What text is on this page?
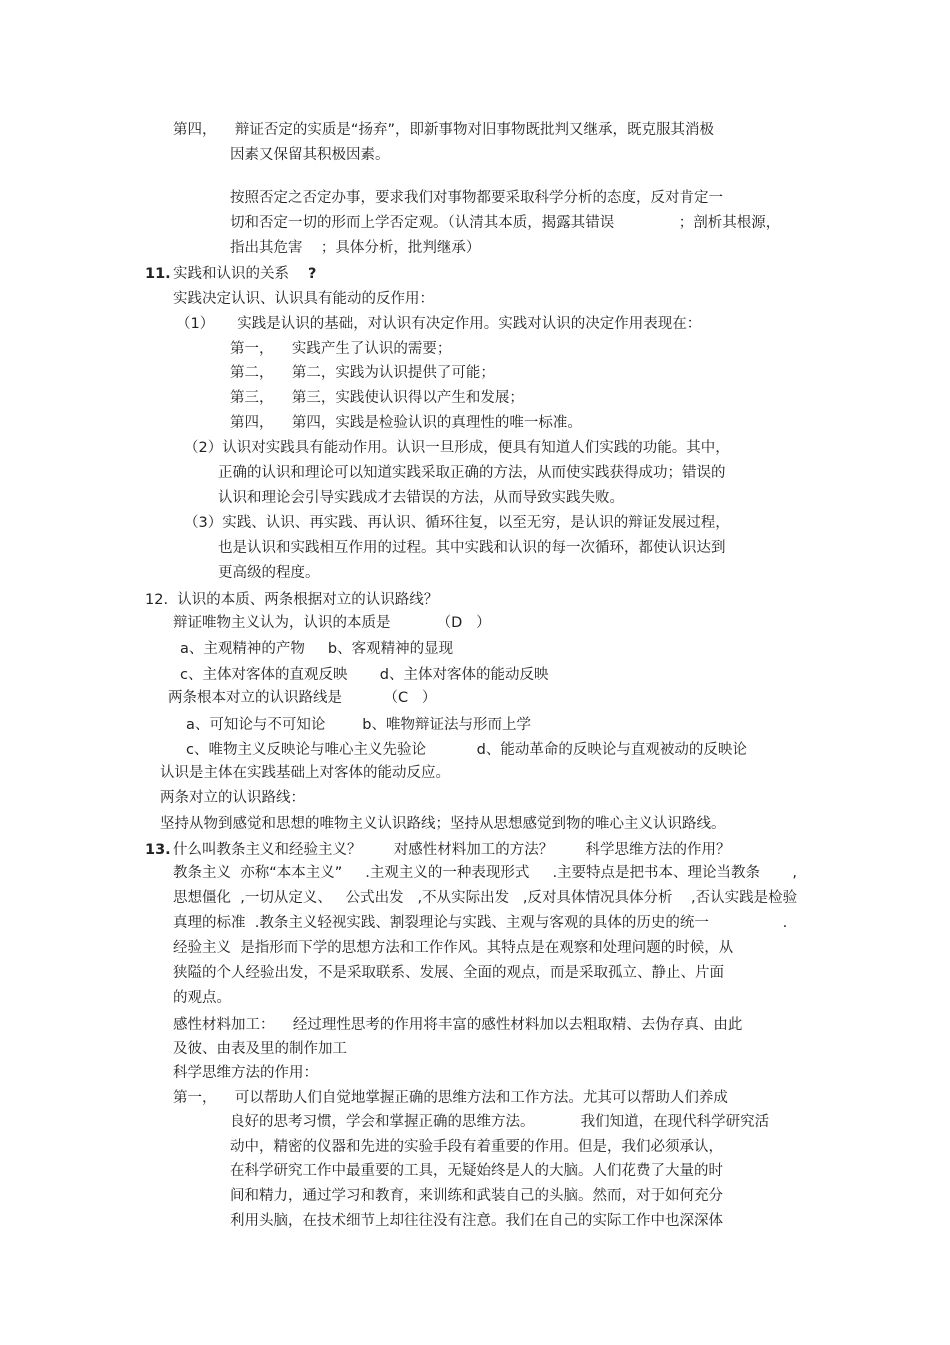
第四，    辩证否定的实质是“扬弃”，即新事物对旧事物既批判又继承，既克服其消极
因素又保留其积极因素。
按照否定之否定办事，要求我们对事物都要采取科学分析的态度，反对肯定一
切和否定一切的形而上学否定观。（认清其本质，揭露其错误              ；剖析其根源，
指出其危害    ；具体分析，批判继承）
11. 实践和认识的关系 ?
实践决定认识、认识具有能动的反作用：
（1）     实践是认识的基础，对认识有决定作用。实践对认识的决定作用表现在：
第一，    实践产生了认识的需要；
第二，    第二，实践为认识提供了可能；
第三，    第三，实践使认识得以产生和发展；
第四，    第四，实践是检验认识的真理性的唯一标准。
（2）认识对实践具有能动作用。认识一旦形成，便具有知道人们实践的功能。其中，
正确的认识和理论可以知道实践采取正确的方法，从而使实践获得成功；错误的
认识和理论会引导实践成才去错误的方法，从而导致实践失败。
（3）实践、认识、再实践、再认识、循环往复，以至无穷，是认识的辩证发展过程，
也是认识和实践相互作用的过程。其中实践和认识的每一次循环，都使认识达到
更高级的程度。
12.  认识的本质、两条根据对立的认识路线？
辩证唯物主义认为，认识的本质是          （D   ）
a、主观精神的产物     b、客观精神的显现
c、主体对客体的直观反映       d、主体对客体的能动反映
两条根本对立的认识路线是         （C   ）
a、可知论与不可知论        b、唯物辩证法与形而上学
c、唯物主义反映论与唯心主义先验论           d、能动革命的反映论与直观被动的反映论
认识是主体在实践基础上对客体的能动反应。
两条对立的认识路线：
坚持从物到感觉和思想的唯物主义认识路线；坚持从思想感觉到物的唯心主义认识路线。
13. 什么叫教条主义和经验主义？       对感性材料加工的方法？       科学思维方法的作用？
教条主义  亦称“本本主义”     .主观主义的一种表现形式     .主要特点是把书本、理论当教条       ,
思想僵化  ,一切从定义、   公式出发   ,不从实际出发   ,反对具体情况具体分析    ,否认实践是检验
真理的标准  .教条主义轻视实践、割裂理论与实践、主观与客观的具体的历史的统一                .
经验主义  是指形而下学的思想方法和工作作风。其特点是在观察和处理问题的时候，从
狭隘的个人经验出发，不是采取联系、发展、全面的观点，而是采取孤立、静止、片面
的观点。
感性材料加工：    经过理性思考的作用将丰富的感性材料加以去粗取精、去伪存真、由此
及彼、由表及里的制作加工
科学思维方法的作用：
第一，    可以帮助人们自觉地掌握正确的思维方法和工作方法。尤其可以帮助人们养成
良好的思考习惯，学会和掌握正确的思维方法。          我们知道，在现代科学研究活
动中，精密的仪器和先进的实验手段有着重要的作用。但是，我们必须承认，
在科学研究工作中最重要的工具，无疑始终是人的大脑。人们花费了大量的时
间和精力，通过学习和教育，来训练和武装自己的头脑。然而，对于如何充分
利用头脑，在技术细节上却往往没有注意。我们在自己的实际工作中也深深体
